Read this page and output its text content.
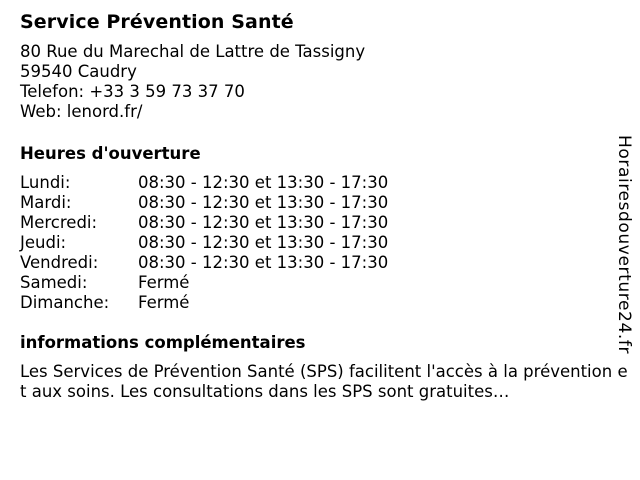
Service Prévention Santé
80 Rue du Marechal de Lattre de Tassigny
59540 Caudry
Telefon: +33 3 59 73 37 70
Web: lenord.fr/
Heures d'ouverture
Lundi:	08:30 - 12:30 et 13:30 - 17:30
Mardi:	08:30 - 12:30 et 13:30 - 17:30
Mercredi:	08:30 - 12:30 et 13:30 - 17:30
Jeudi:	08:30 - 12:30 et 13:30 - 17:30
Vendredi:	08:30 - 12:30 et 13:30 - 17:30
Samedi:	Fermé
Dimanche:	Fermé
informations complémentaires
Les Services de Prévention Santé (SPS) facilitent l'accès à la prévention et aux soins. Les consultations dans les SPS sont gratuites…
Horairesdouverture24.fr
